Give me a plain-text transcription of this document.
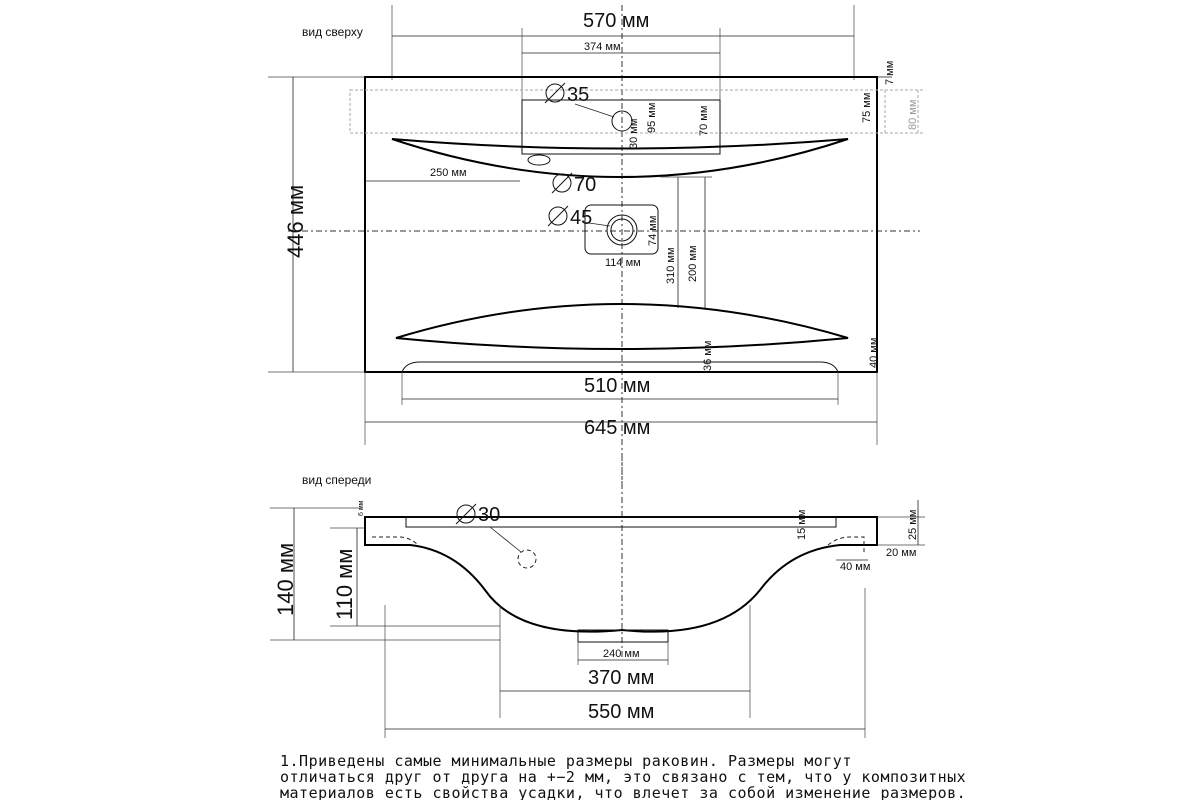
вид сверху	570 мм
374 мм
80 мм
7 мм
35
95 мм
30 мм	70 мм	75 мм
250 мм
70
45	74 мм
114 мм	200 мм
310 мм
446 мм
36 мм	40 мм
510 мм
645 мм
вид спереди
30
6 мм
15 мм	25 мм
20 мм
40 мм
140 мм 110 мм
240 мм
370 мм
550 мм
1.Приведены самые минимальные размеры раковин. Размеры могут
отличаться друг от друга на +−2 мм, это связано с тем, что у композитных
материалов есть свойства усадки, что влечет за собой изменение размеров.
